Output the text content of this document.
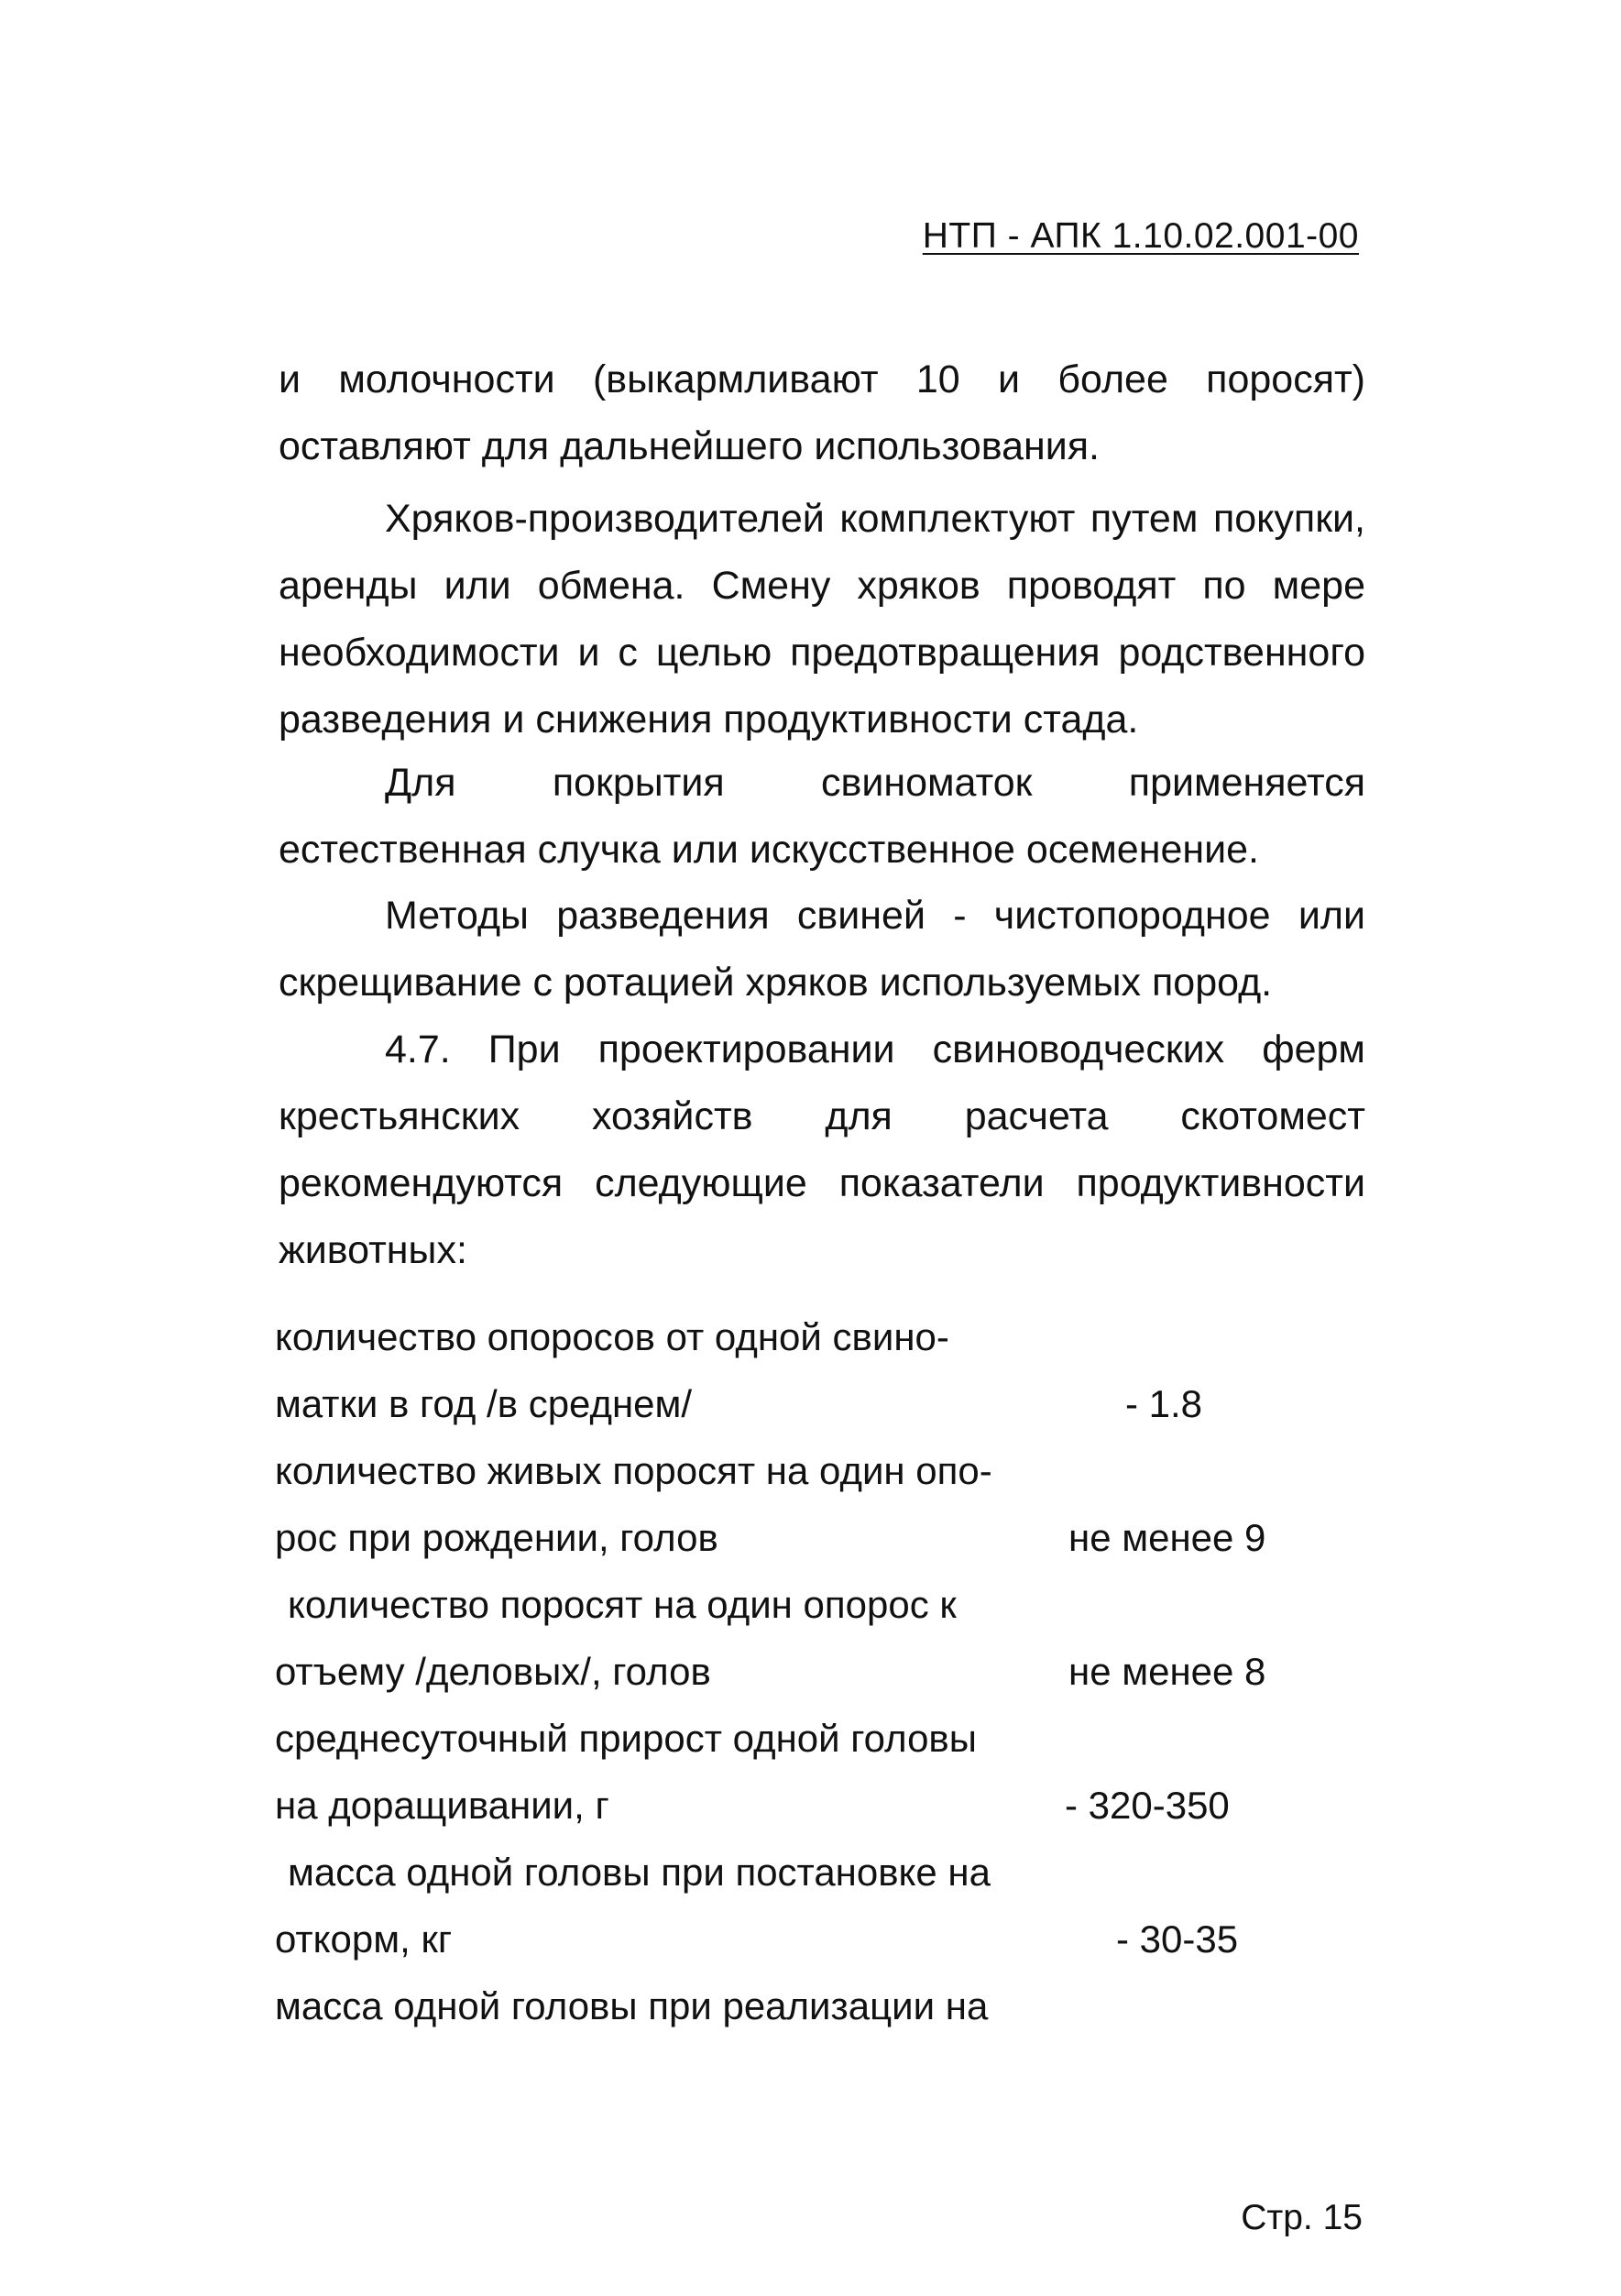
НТП - АПК 1.10.02.001-00

и молочности (выкармливают 10 и более поросят) оставляют для дальнейшего использования.

Хряков-производителей комплектуют путем покупки, аренды или обмена. Смену хряков проводят по мере необходимости и с целью предотвращения родственного разведения и снижения продуктивности стада.

Для покрытия свиноматок применяется естественная случка или искусственное осеменение.

Методы разведения свиней - чистопородное или скрещивание с ротацией хряков используемых пород.

4.7. При проектировании свиноводческих ферм крестьянских хозяйств для расчета скотомест рекомендуются следующие показатели продуктивности животных:

количество опоросов от одной свино-
матки в год /в среднем/	- 1.8
количество живых поросят на один опо-
рос при рождении, голов	не менее 9
количество поросят на один опорос к
отъему /деловых/, голов	не менее 8
среднесуточный прирост одной головы
на доращивании, г	- 320-350
масса одной головы при постановке на
откорм, кг	- 30-35
масса одной головы при реализации на
Стр. 15
